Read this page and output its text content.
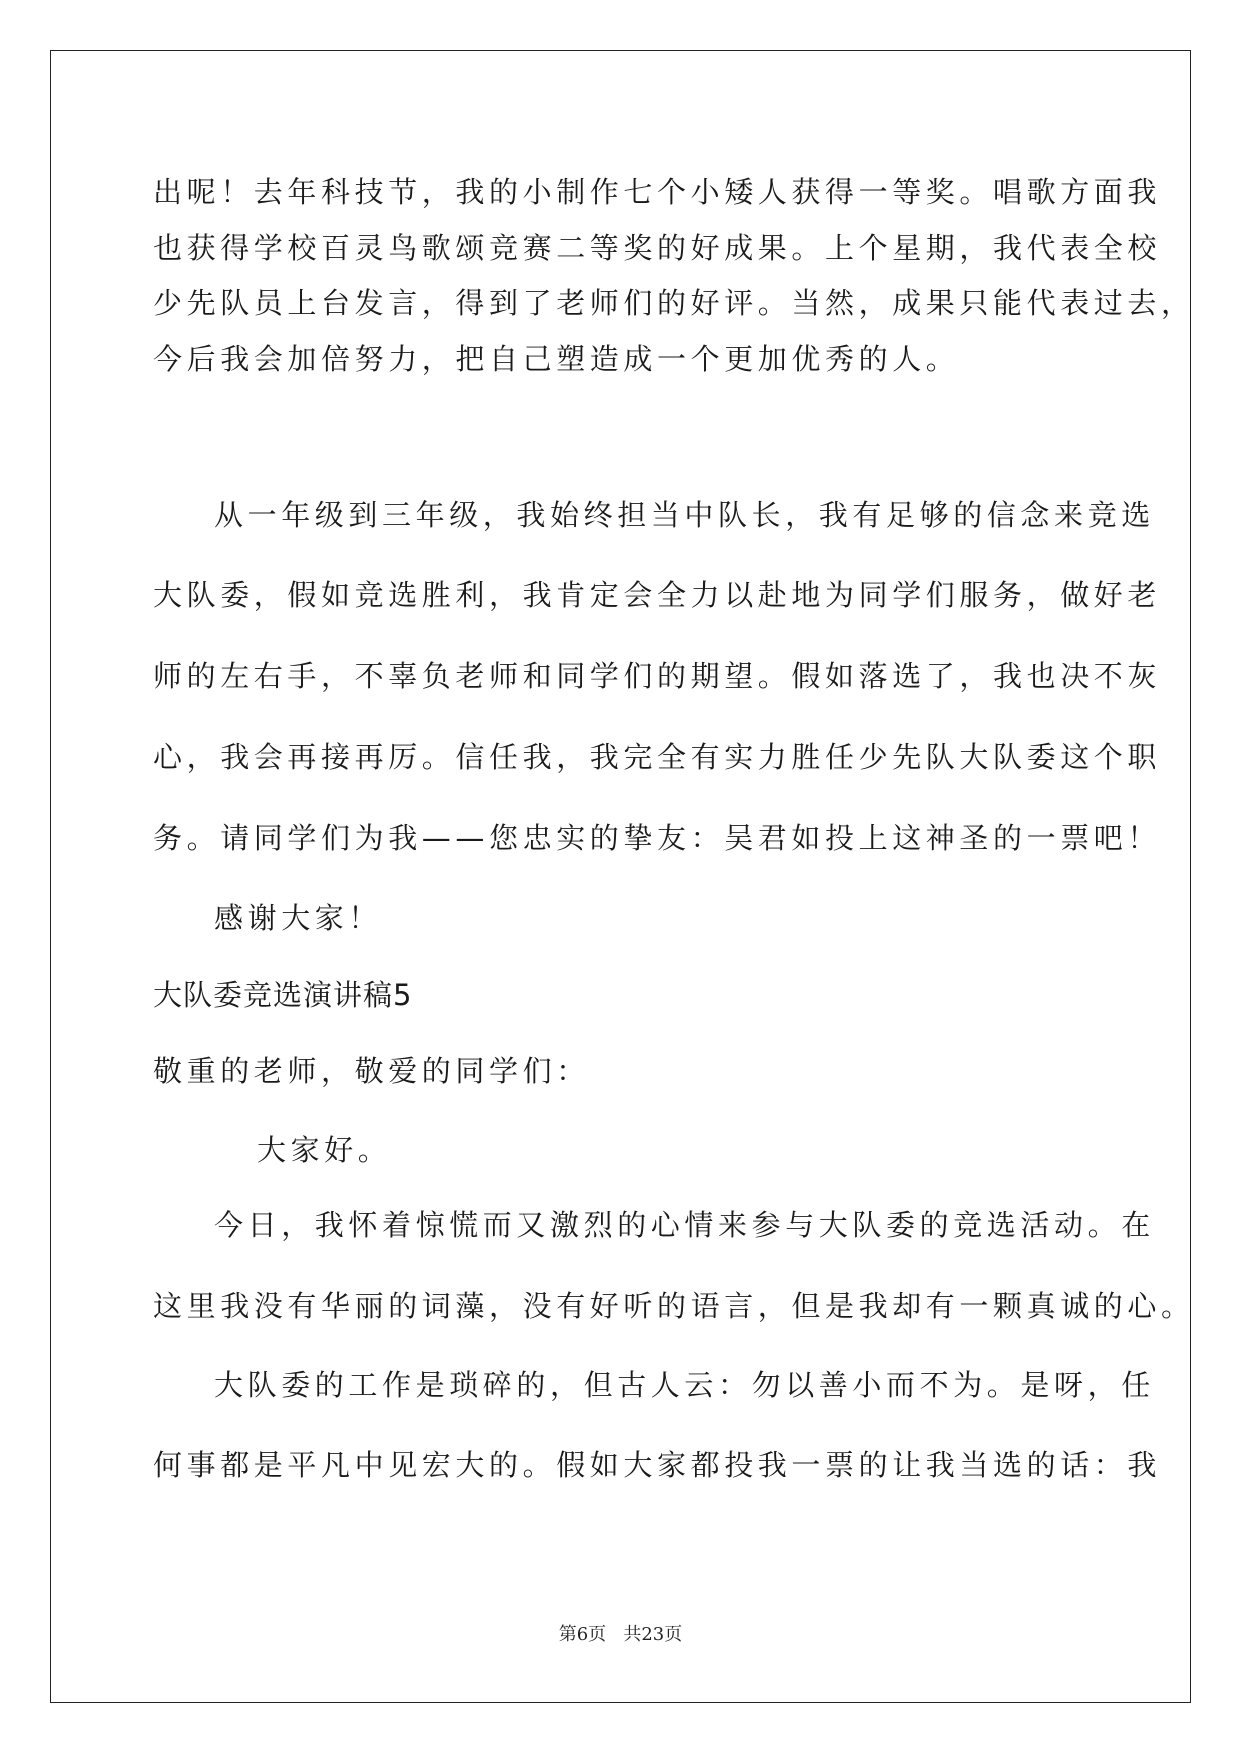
出呢！去年科技节，我的小制作七个小矮人获得一等奖。唱歌方面我
也获得学校百灵鸟歌颂竞赛二等奖的好成果。上个星期，我代表全校
少先队员上台发言，得到了老师们的好评。当然，成果只能代表过去，
今后我会加倍努力，把自己塑造成一个更加优秀的人。
从一年级到三年级，我始终担当中队长，我有足够的信念来竞选
大队委，假如竞选胜利，我肯定会全力以赴地为同学们服务，做好老
师的左右手，不辜负老师和同学们的期望。假如落选了，我也决不灰
心，我会再接再厉。信任我，我完全有实力胜任少先队大队委这个职
务。请同学们为我——您忠实的挚友：吴君如投上这神圣的一票吧！
感谢大家！
大队委竞选演讲稿5
敬重的老师，敬爱的同学们：
大家好。
今日，我怀着惊慌而又激烈的心情来参与大队委的竞选活动。在
这里我没有华丽的词藻，没有好听的语言，但是我却有一颗真诚的心。
大队委的工作是琐碎的，但古人云：勿以善小而不为。是呀，任
何事都是平凡中见宏大的。假如大家都投我一票的让我当选的话：我
第6页 共23页
